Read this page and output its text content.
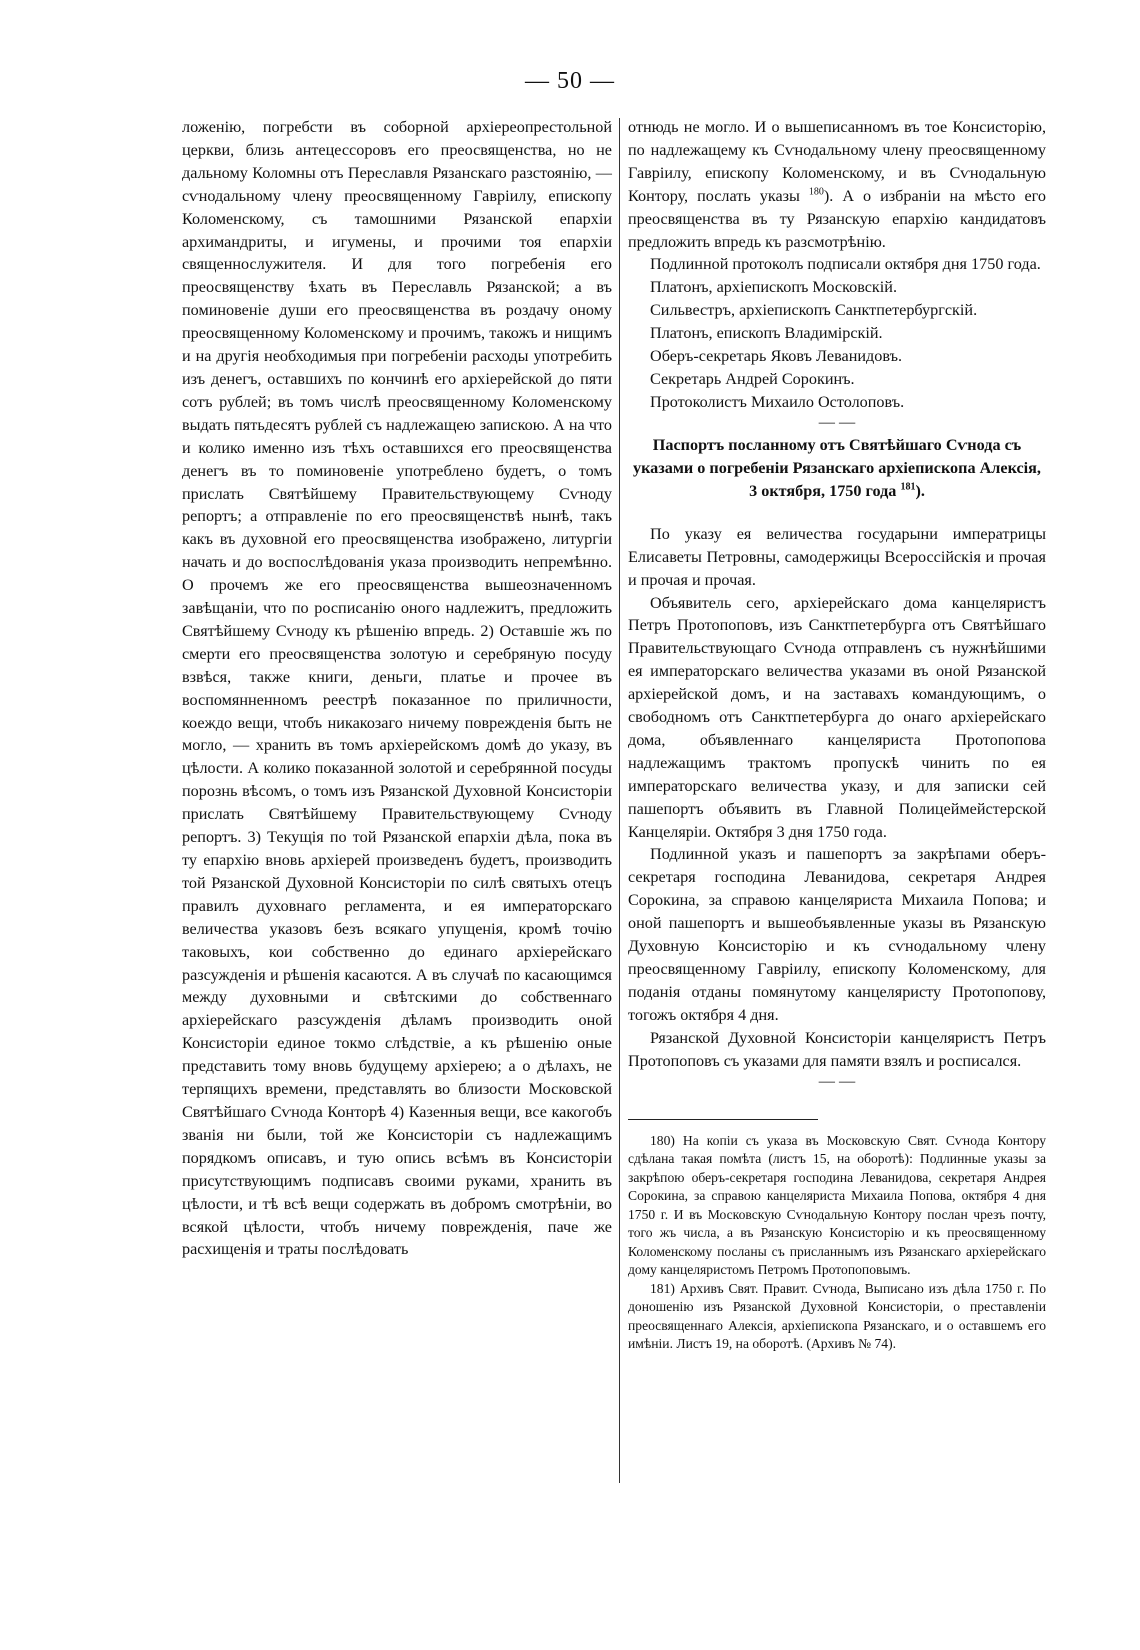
— 50 —

ложенію, погребсти въ соборной архіереопрестольной церкви, близь антецессоровъ его преосвященства, но не дальному Коломны отъ Переславля Рязанскаго разстоянію, — сѵнодальному члену преосвященному Гавріилу, епископу Коломенскому, съ тамошними Рязанской епархіи архимандриты, и игумены, и прочими тоя епархіи священнослужителя. И для того погребенія его преосвященству ѣхать въ Переславль Рязанской; а въ поминовеніе души его преосвященства въ роздачу оному преосвященному Коломенскому и прочимъ, такожъ и нищимъ и на другія необходимыя при погребеніи расходы употребить изъ денегъ, оставшихъ по кончинѣ его архіерейской до пяти сотъ рублей; въ томъ числѣ преосвященному Коломенскому выдать пятьдесятъ рублей съ надлежащею запискою. А на что и колико именно изъ тѣхъ оставшихся его преосвященства денегъ въ то поминовеніе употреблено будетъ, о томъ прислать Святѣйшему Правительствующему Сѵноду репортъ; а отправленіе по его преосвященствѣ нынѣ, такъ какъ въ духовной его преосвященства изображено, литургіи начать и до воспослѣдованія указа производить непремѣнно. О прочемъ же его преосвященства вышеозначенномъ завѣщаніи, что по росписанію оного надлежитъ, предложить Святѣйшему Сѵноду къ рѣшенію впредь. 2) Оставшіе жъ по смерти его преосвященства золотую и серебряную посуду взвѣся, также книги, деньги, платье и прочее въ воспомянненномъ реестрѣ показанное по приличности, коеждо вещи, чтобъ никакозаго ничему поврежденія быть не могло, — хранить въ томъ архіерейскомъ домѣ до указу, въ цѣлости. А колико показанной золотой и серебрянной посуды порознь вѣсомъ, о томъ изъ Рязанской Духовной Консисторіи прислать Святѣйшему Правительствующему Сѵноду репортъ. 3) Текущія по той Рязанской епархіи дѣла, пока въ ту епархію вновь архіерей произведенъ будетъ, производить той Рязанской Духовной Консисторіи по силѣ святыхъ отецъ правилъ духовнаго регламента, и ея императорскаго величества указовъ безъ всякаго упущенія, кромѣ точію таковыхъ, кои собственно до единаго архіерейскаго разсужденія и рѣшенія касаются. А въ случаѣ по касающимся между духовными и свѣтскими до собственнаго архіерейскаго разсужденія дѣламъ производить оной Консисторіи единое токмо слѣдствіе, а къ рѣшенію оные представить тому вновь будущему архіерею; а о дѣлахъ, не терпящихъ времени, представлять во близости Московской Святѣйшаго Сѵнода Конторѣ 4) Казенныя вещи, все какогобъ званія ни были, той же Консисторіи съ надлежащимъ порядкомъ описавъ, и тую опись всѣмъ въ Консисторіи присутствующимъ подписавъ своими руками, хранить въ цѣлости, и тѣ всѣ вещи содержать въ добромъ смотрѣніи, во всякой цѣлости, чтобъ ничему поврежденія, паче же расхищенія и траты послѣдовать

отнюдь не могло. И о вышеписанномъ въ тое Консисторію, по надлежащему къ Сѵнодальному члену преосвященному Гавріилу, епископу Коломенскому, и въ Сѵнодальную Контору, послать указы $^{180}$). А о избраніи на мѣсто его преосвященства въ ту Рязанскую епархію кандидатовъ предложить впредь къ разсмотрѣнію.

Подлинной протоколъ подписали октября дня 1750 года.

Платонъ, архіепископъ Московскій.

Сильвестръ, архіепископъ Санктпетербургскій.

Платонъ, епископъ Владимірскій.

Оберъ-секретарь Яковъ Леванидовъ.

Секретарь Андрей Сорокинъ.

Протоколистъ Михаило Остолоповъ.

— —

Паспортъ посланному отъ Святѣйшаго Сѵнода съ указами о погребеніи Рязанскаго архіепископа Алексія, 3 октября, 1750 года $^{181}$).

По указу ея величества государыни императрицы Елисаветы Петровны, самодержицы Всероссійскія и прочая и прочая и прочая.

Объявитель сего, архіерейскаго дома канцеляристъ Петръ Протопоповъ, изъ Санктпетербурга отъ Святѣйшаго Правительствующаго Сѵнода отправленъ съ нужнѣйшими ея императорскаго величества указами въ оной Рязанской архіерейской домъ, и на заставахъ командующимъ, о свободномъ отъ Санктпетербурга до онаго архіерейскаго дома, объявленнаго канцеляриста Протопопова надлежащимъ трактомъ пропускѣ чинить по ея императорскаго величества указу, и для записки сей пашепортъ объявить въ Главной Полицеймейстерской Канцеляріи. Октября 3 дня 1750 года.

Подлинной указъ и пашепортъ за закрѣпами оберъ-секретаря господина Леванидова, секретаря Андрея Сорокина, за справою канцеляриста Михаила Попова; и оной пашепортъ и вышеобъявленные указы въ Рязанскую Духовную Консисторію и къ сѵнодальному члену преосвященному Гавріилу, епископу Коломенскому, для поданія отданы помянутому канцеляристу Протопопову, тогожъ октября 4 дня.

Рязанской Духовной Консисторіи канцеляристъ Петръ Протопоповъ съ указами для памяти взялъ и росписался.

— —

180) На копіи съ указа въ Московскую Свят. Сѵнода Контору сдѣлана такая помѣта (листъ 15, на оборотѣ): Подлинные указы за закрѣпою оберъ-секретаря господина Леванидова, секретаря Андрея Сорокина, за справою канцеляриста Михаила Попова, октября 4 дня 1750 г. И въ Московскую Сѵнодальную Контору послан чрезъ почту, того жъ числа, а въ Рязанскую Консисторію и къ преосвященному Коломенскому посланы съ присланнымъ изъ Рязанскаго архіерейскаго дому канцеляристомъ Петромъ Протопоповымъ.

181) Архивъ Свят. Правит. Сѵнода, Выписано изъ дѣла 1750 г. По доношенію изъ Рязанской Духовной Консисторіи, о преставленіи преосвященнаго Алексія, архіепископа Рязанскаго, и о оставшемъ его имѣніи. Листъ 19, на оборотѣ. (Архивъ № 74).
